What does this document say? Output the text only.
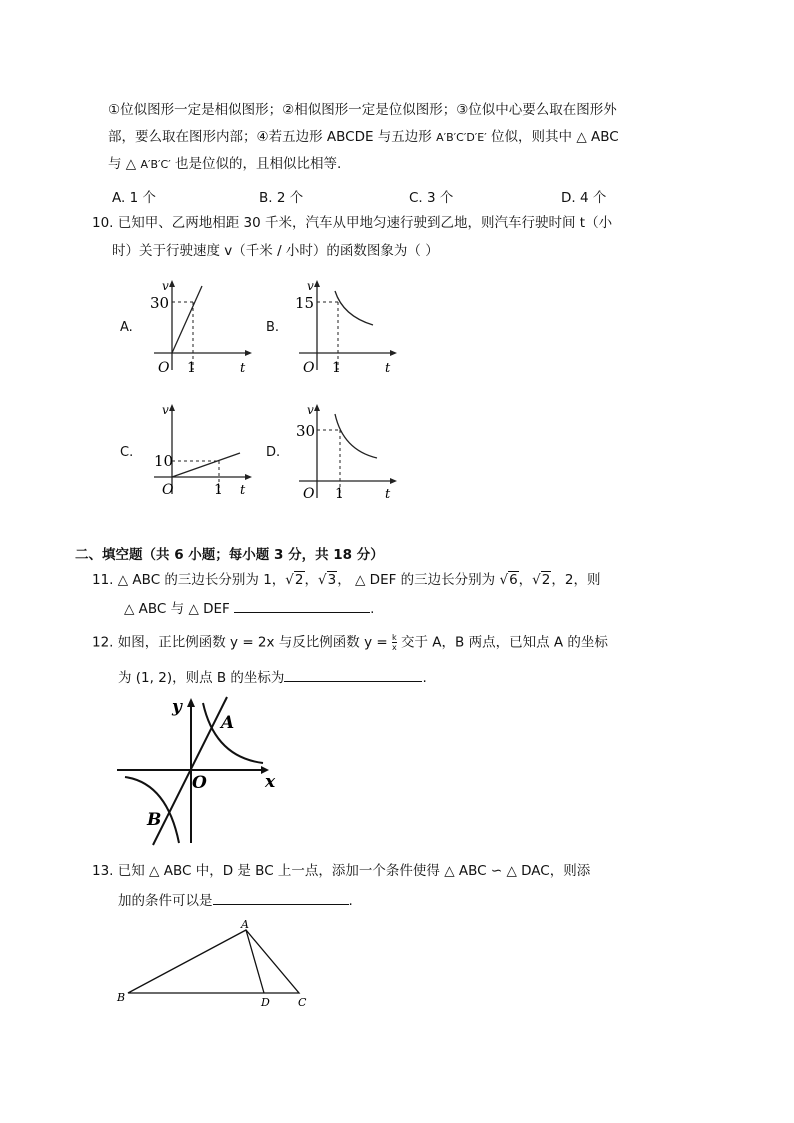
①位似图形一定是相似图形；②相似图形一定是位似图形；③位似中心要么取在图形外
部，要么取在图形内部；④若五边形 ABCDE 与五边形 A′B′C′D′E′ 位似，则其中 △ ABC
与 △ A′B′C′ 也是位似的，且相似比相等.
A. 1 个	B. 2 个	C. 3 个	D. 4 个
10. 已知甲、乙两地相距 30 千米，汽车从甲地匀速行驶到乙地，则汽车行驶时间 t（小
时）关于行驶速度 v（千米 / 小时）的函数图象为（ ）
A.
v
30
O 1	t
B.
v
15
O 1	t
C.
v
10
O	1 t
D.
v
30
O 1	t
二、填空题（共 6 小题；每小题 3 分，共 18 分）
11. △ ABC 的三边长分别为 1，√2，√3， △ DEF 的三边长分别为 √6，√2，2，则
△ ABC 与 △ DEF	.
12. 如图，正比例函数 y = 2x 与反比例函数 $y = \frac{k}{x}$ 交于 A，B 两点，已知点 A 的坐标
为 (1, 2)，则点 B 的坐标为	.
y
x
O
A
B
13. 已知 △ ABC 中，D 是 BC 上一点，添加一个条件使得 △ ABC ∽ △ DAC，则添
加的条件可以是	.
A
B	D	C
